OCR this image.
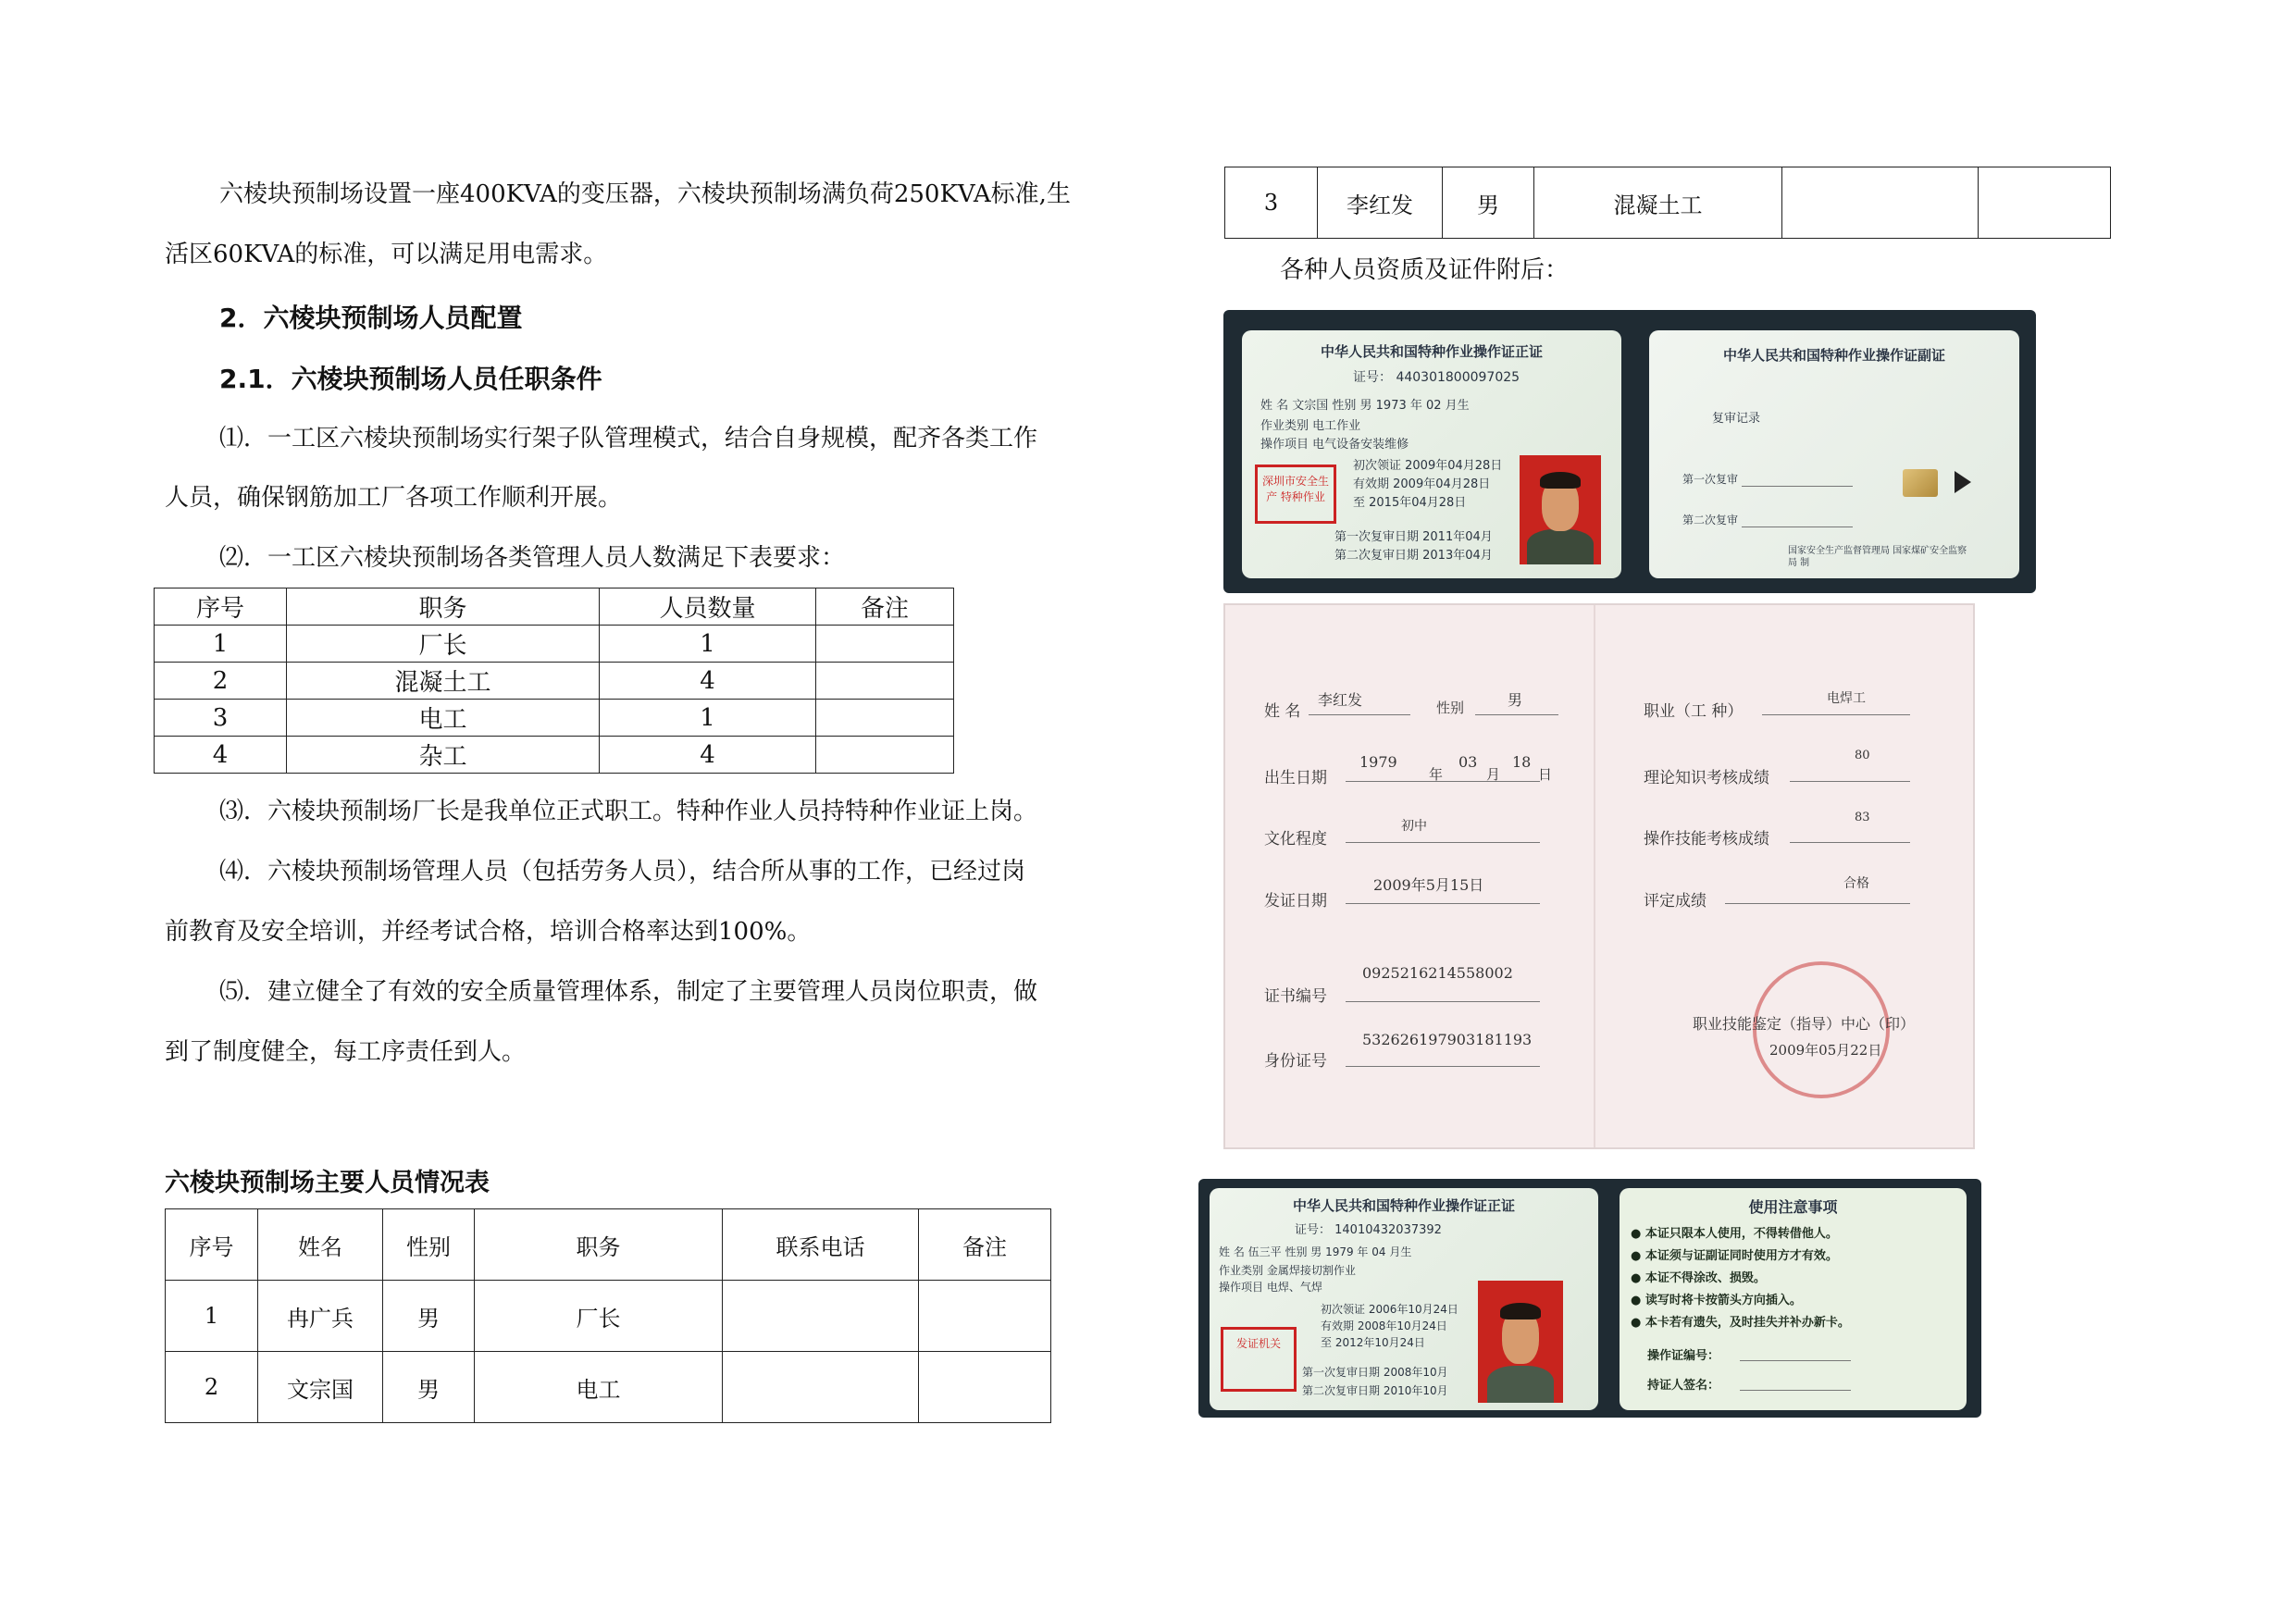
六棱块预制场设置一座400KVA的变压器，六棱块预制场满负荷250KVA标准,生

活区60KVA的标准，可以满足用电需求。

2．六棱块预制场人员配置
2.1．六棱块预制场人员任职条件

⑴．一工区六棱块预制场实行架子队管理模式，结合自身规模，配齐各类工作

人员，确保钢筋加工厂各项工作顺利开展。

⑵．一工区六棱块预制场各类管理人员人数满足下表要求：

序号	职务	人员数量	备注
1	厂长	1	
2	混凝土工	4	
3	电工	1	
4	杂工	4	

⑶．六棱块预制场厂长是我单位正式职工。特种作业人员持特种作业证上岗。

⑷．六棱块预制场管理人员（包括劳务人员），结合所从事的工作，已经过岗

前教育及安全培训，并经考试合格，培训合格率达到100%。

⑸．建立健全了有效的安全质量管理体系，制定了主要管理人员岗位职责，做

到了制度健全，每工序责任到人。

六棱块预制场主要人员情况表
序号	姓名	性别	职务	联系电话	备注
1	冉广兵	男	厂长		
2	文宗国	男	电工		
3	李红发	男	混凝土工		

各种人员资质及证件附后：

中华人民共和国特种作业操作证正证
证号： 440301800097025
姓 名 文宗国 性别 男 1973 年 02 月生
作业类别 电工作业
操作项目 电气设备安装维修
初次领证 2009年04月28日
有效期 2009年04月28日
至 2015年04月28日
第一次复审日期 2011年04月
第二次复审日期 2013年04月
深圳市安全生产 特种作业
中华人民共和国特种作业操作证副证
复审记录
第一次复审
第二次复审
国家安全生产监督管理局 国家煤矿安全监察局 制
姓 名
李红发	性别	男
出生日期
1979
年
03
月
18
日
文化程度
初中
发证日期
2009年5月15日
证书编号
0925216214558002
身份证号
532626197903181193
职业（工 种）
电焊工
理论知识考核成绩
80
操作技能考核成绩
83
评定成绩
合格
职业技能鉴定（指导）中心（印）
2009年05月22日
中华人民共和国特种作业操作证正证
证号： 14010432037392
姓 名 伍三平 性别 男 1979 年 04 月生
作业类别 金属焊接切割作业
操作项目 电焊、气焊
初次领证 2006年10月24日
有效期 2008年10月24日
至 2012年10月24日
第一次复审日期 2008年10月
第二次复审日期 2010年10月
发证机关
使用注意事项
● 本证只限本人使用，不得转借他人。
● 本证须与证副证同时使用方才有效。
● 本证不得涂改、损毁。
● 读写时将卡按箭头方向插入。
● 本卡若有遗失，及时挂失并补办新卡。
操作证编号：
持证人签名：
